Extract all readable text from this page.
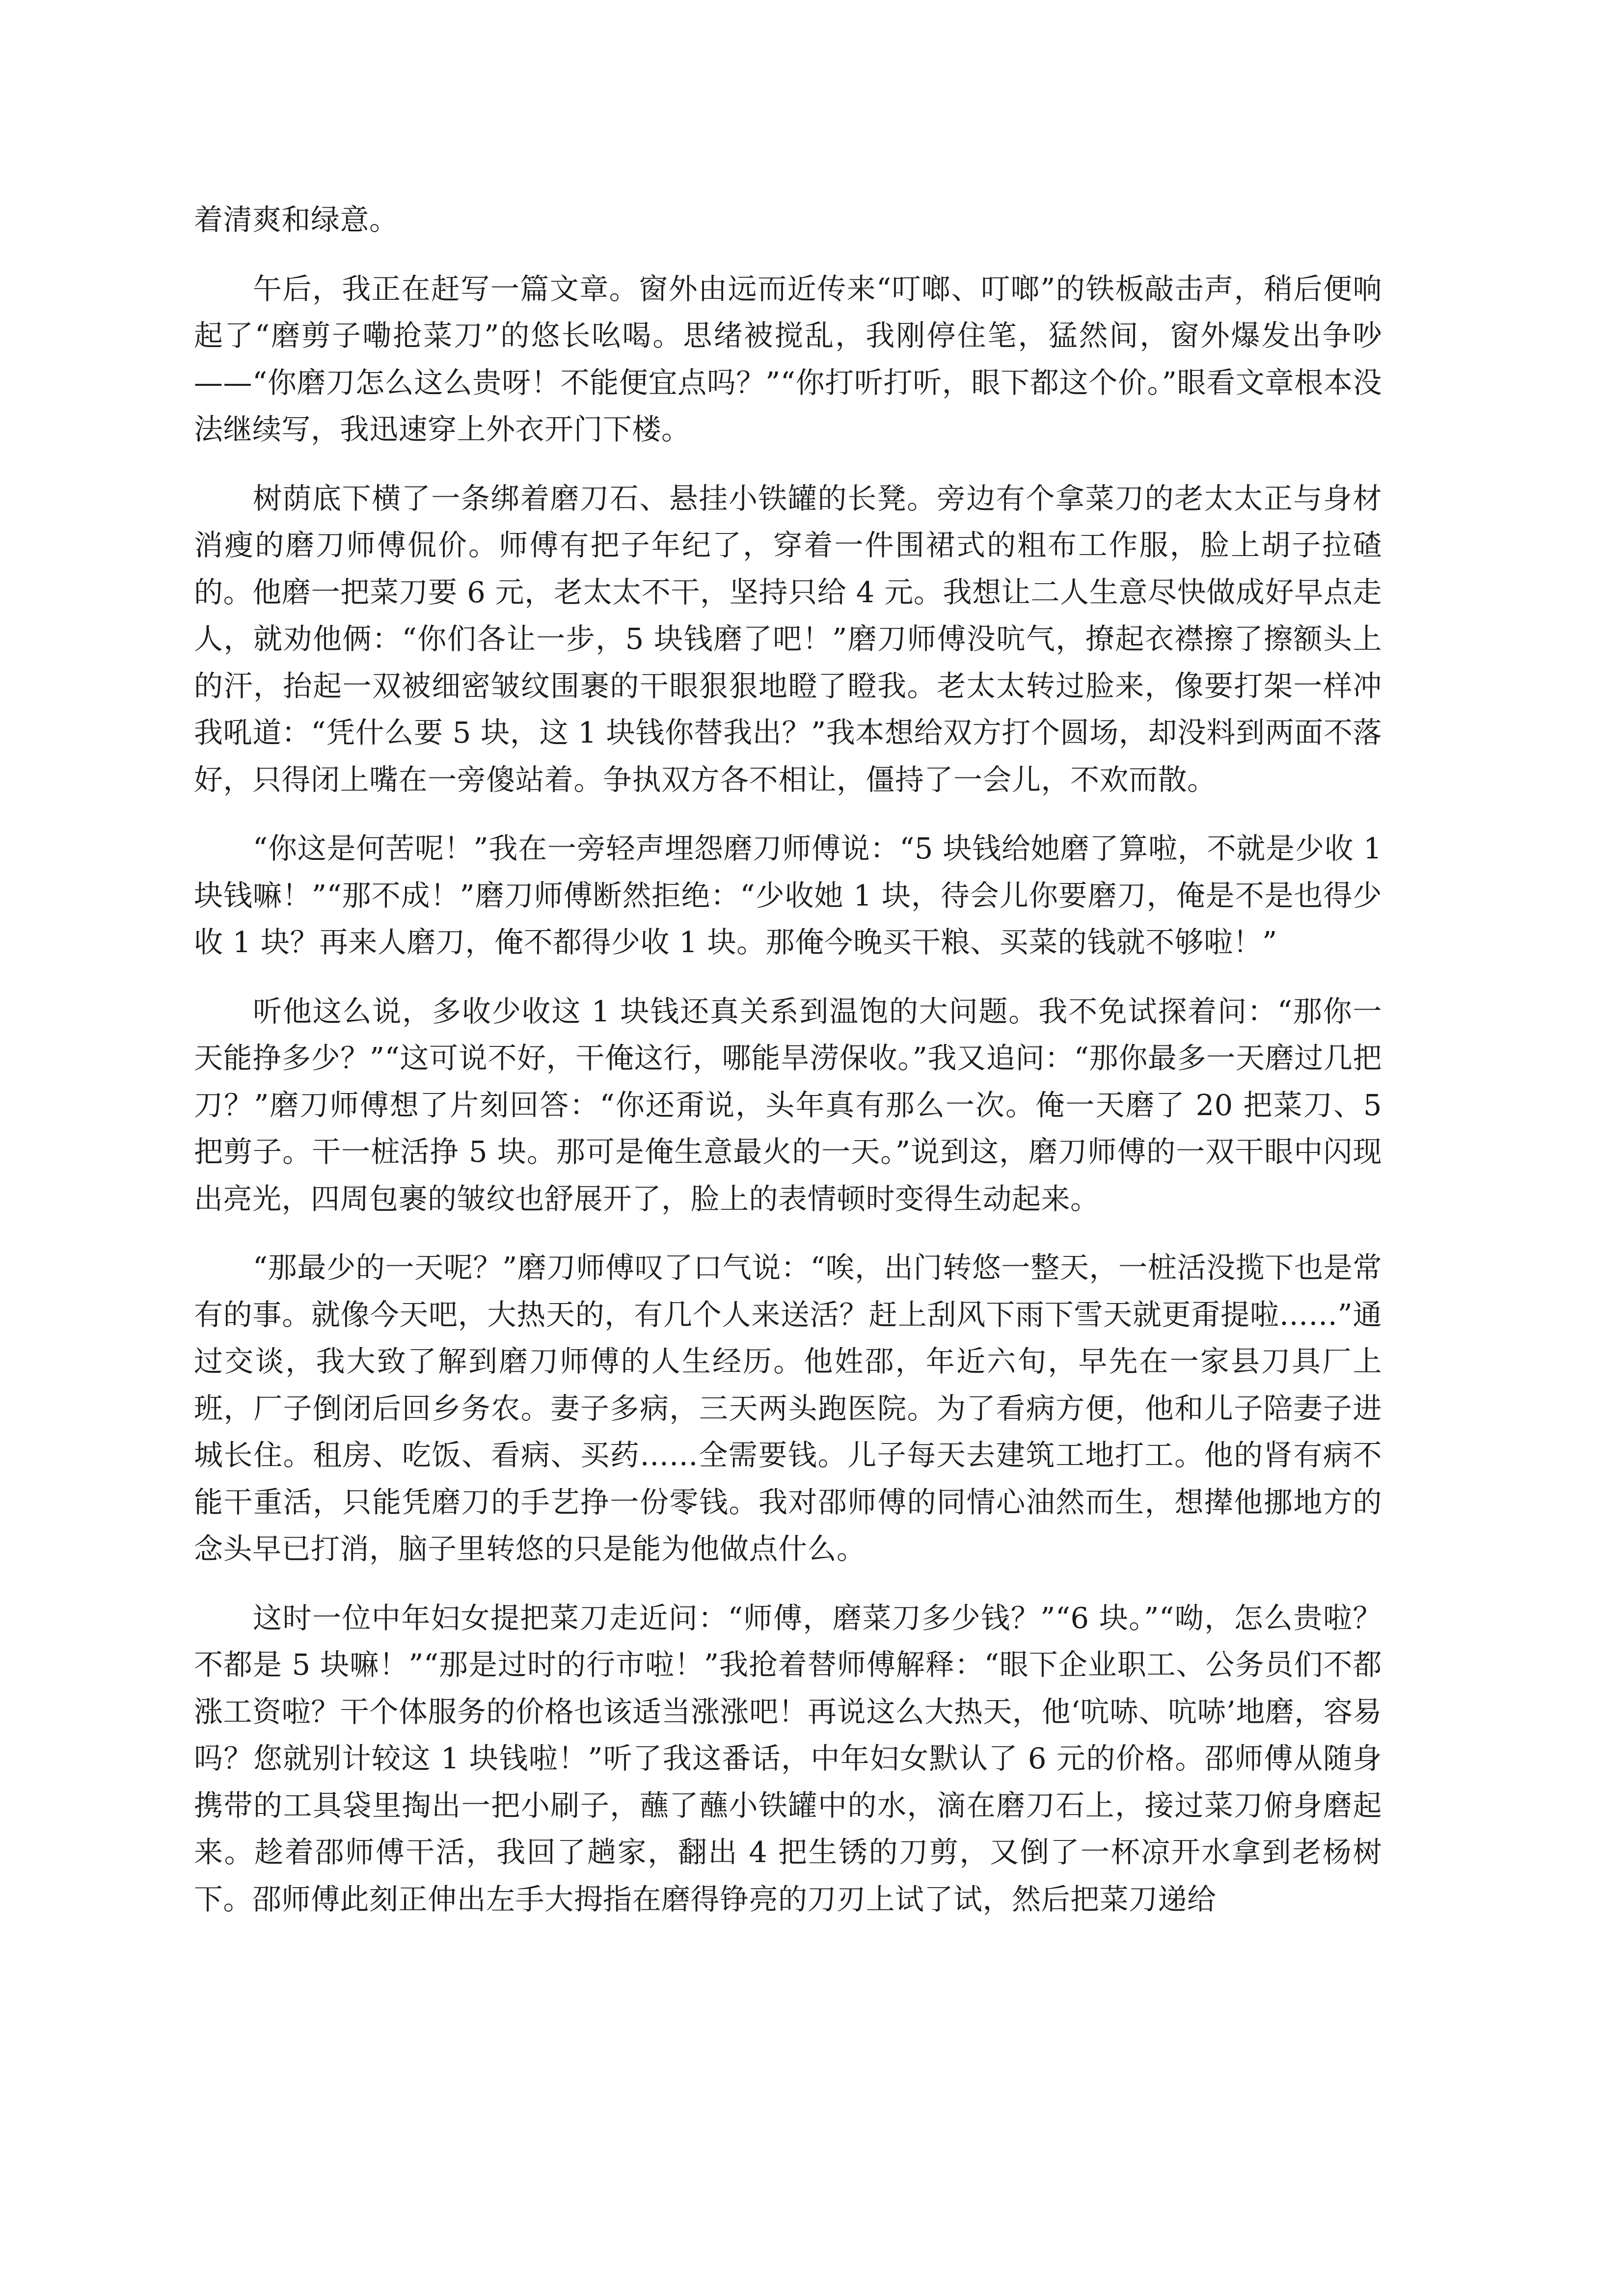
着清爽和绿意。

午后，我正在赶写一篇文章。窗外由远而近传来“叮啷、叮啷”的铁板敲击声，稍后便响起了“磨剪子嘞抢菜刀”的悠长吆喝。思绪被搅乱，我刚停住笔，猛然间，窗外爆发出争吵——“你磨刀怎么这么贵呀！不能便宜点吗？”“你打听打听，眼下都这个价。”眼看文章根本没法继续写，我迅速穿上外衣开门下楼。

树荫底下横了一条绑着磨刀石、悬挂小铁罐的长凳。旁边有个拿菜刀的老太太正与身材消瘦的磨刀师傅侃价。师傅有把子年纪了，穿着一件围裙式的粗布工作服，脸上胡子拉碴的。他磨一把菜刀要 6 元，老太太不干，坚持只给 4 元。我想让二人生意尽快做成好早点走人，就劝他俩：“你们各让一步，5 块钱磨了吧！”磨刀师傅没吭气，撩起衣襟擦了擦额头上的汗，抬起一双被细密皱纹围裹的干眼狠狠地瞪了瞪我。老太太转过脸来，像要打架一样冲我吼道：“凭什么要 5 块，这 1 块钱你替我出？”我本想给双方打个圆场，却没料到两面不落好，只得闭上嘴在一旁傻站着。争执双方各不相让，僵持了一会儿，不欢而散。

“你这是何苦呢！”我在一旁轻声埋怨磨刀师傅说：“5 块钱给她磨了算啦，不就是少收 1 块钱嘛！”“那不成！”磨刀师傅断然拒绝：“少收她 1 块，待会儿你要磨刀，俺是不是也得少收 1 块？再来人磨刀，俺不都得少收 1 块。那俺今晚买干粮、买菜的钱就不够啦！”

听他这么说，多收少收这 1 块钱还真关系到温饱的大问题。我不免试探着问：“那你一天能挣多少？”“这可说不好，干俺这行，哪能旱涝保收。”我又追问：“那你最多一天磨过几把刀？”磨刀师傅想了片刻回答：“你还甭说，头年真有那么一次。俺一天磨了 20 把菜刀、5 把剪子。干一桩活挣 5 块。那可是俺生意最火的一天。”说到这，磨刀师傅的一双干眼中闪现出亮光，四周包裹的皱纹也舒展开了，脸上的表情顿时变得生动起来。

“那最少的一天呢？”磨刀师傅叹了口气说：“唉，出门转悠一整天，一桩活没揽下也是常有的事。就像今天吧，大热天的，有几个人来送活？赶上刮风下雨下雪天就更甭提啦……”通过交谈，我大致了解到磨刀师傅的人生经历。他姓邵，年近六旬，早先在一家县刀具厂上班，厂子倒闭后回乡务农。妻子多病，三天两头跑医院。为了看病方便，他和儿子陪妻子进城长住。租房、吃饭、看病、买药……全需要钱。儿子每天去建筑工地打工。他的肾有病不能干重活，只能凭磨刀的手艺挣一份零钱。我对邵师傅的同情心油然而生，想撵他挪地方的念头早已打消，脑子里转悠的只是能为他做点什么。

这时一位中年妇女提把菜刀走近问：“师傅，磨菜刀多少钱？”“6 块。”“呦，怎么贵啦？不都是 5 块嘛！”“那是过时的行市啦！”我抢着替师傅解释：“眼下企业职工、公务员们不都涨工资啦？干个体服务的价格也该适当涨涨吧！再说这么大热天，他‘吭哧、吭哧’地磨，容易吗？您就别计较这 1 块钱啦！”听了我这番话，中年妇女默认了 6 元的价格。邵师傅从随身携带的工具袋里掏出一把小刷子，蘸了蘸小铁罐中的水，滴在磨刀石上，接过菜刀俯身磨起来。趁着邵师傅干活，我回了趟家，翻出 4 把生锈的刀剪，又倒了一杯凉开水拿到老杨树下。邵师傅此刻正伸出左手大拇指在磨得铮亮的刀刃上试了试，然后把菜刀递给
